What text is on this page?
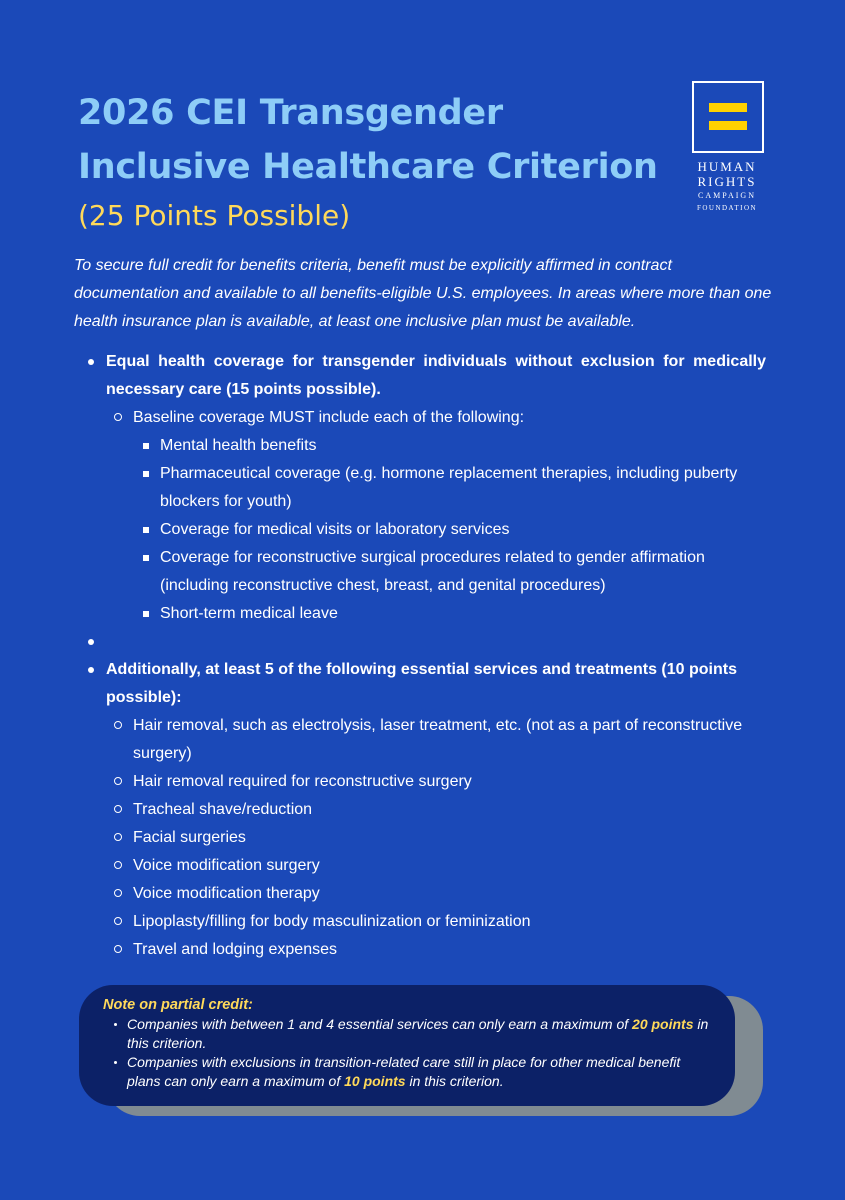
2026 CEI Transgender
Inclusive Healthcare Criterion
(25 Points Possible)
HUMAN
RIGHTS
CAMPAIGN
FOUNDATION
To secure full credit for benefits criteria, benefit must be explicitly affirmed in contract documentation and available to all benefits-eligible U.S. employees. In areas where more than one health insurance plan is available, at least one inclusive plan must be available.
Equal health coverage for transgender individuals without exclusion for medically necessary care (15 points possible).
Baseline coverage MUST include each of the following:
Mental health benefits
Pharmaceutical coverage (e.g. hormone replacement therapies, including puberty blockers for youth)
Coverage for medical visits or laboratory services
Coverage for reconstructive surgical procedures related to gender affirmation (including reconstructive chest, breast, and genital procedures)
Short-term medical leave
Additionally, at least 5 of the following essential services and treatments (10 points possible):
Hair removal, such as electrolysis, laser treatment, etc. (not as a part of reconstructive surgery)
Hair removal required for reconstructive surgery
Tracheal shave/reduction
Facial surgeries
Voice modification surgery
Voice modification therapy
Lipoplasty/filling for body masculinization or feminization
Travel and lodging expenses
Note on partial credit:
Companies with between 1 and 4 essential services can only earn a maximum of 20 points in this criterion.
Companies with exclusions in transition-related care still in place for other medical benefit plans can only earn a maximum of 10 points in this criterion.
